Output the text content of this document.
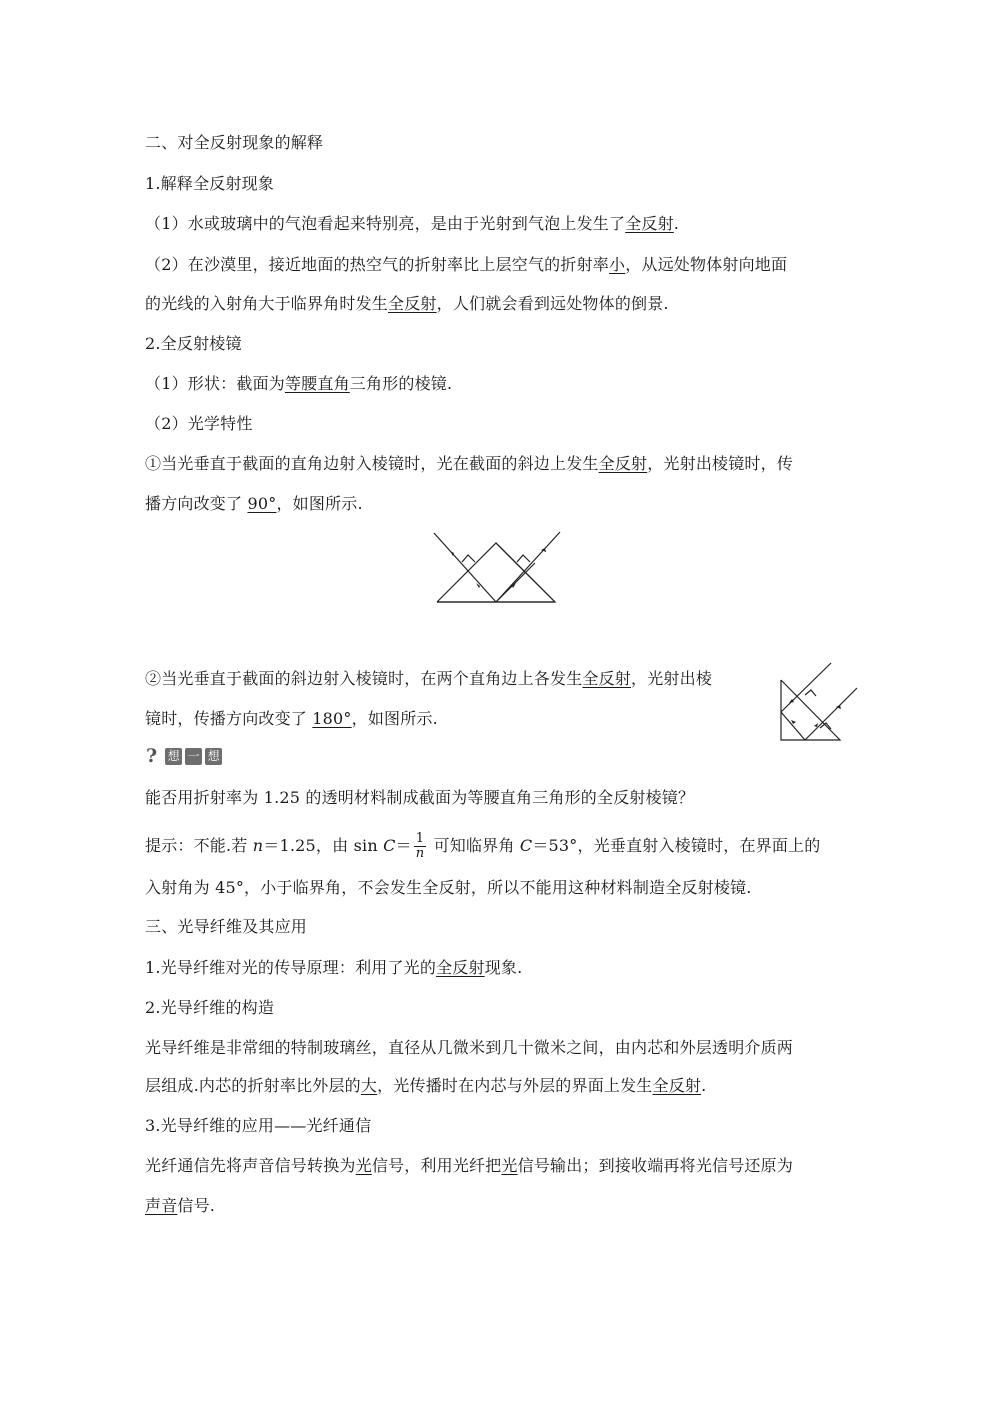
二、对全反射现象的解释
1.解释全反射现象
（1）水或玻璃中的气泡看起来特别亮，是由于光射到气泡上发生了全反射.
（2）在沙漠里，接近地面的热空气的折射率比上层空气的折射率小，从远处物体射向地面
的光线的入射角大于临界角时发生全反射，人们就会看到远处物体的倒景.
2.全反射棱镜
（1）形状：截面为等腰直角三角形的棱镜.
（2）光学特性
①当光垂直于截面的直角边射入棱镜时，光在截面的斜边上发生全反射，光射出棱镜时，传
播方向改变了 90°，如图所示.
②当光垂直于截面的斜边射入棱镜时，在两个直角边上各发生全反射，光射出棱
镜时，传播方向改变了 180°，如图所示.
? 想 一 想
能否用折射率为 1.25 的透明材料制成截面为等腰直角三角形的全反射棱镜？
提示：不能.若 n＝1.25，由 $\sin C= \frac{1}{n}$ 可知临界角 C＝53°，光垂直射入棱镜时，在界面上的
入射角为 45°，小于临界角，不会发生全反射，所以不能用这种材料制造全反射棱镜.
三、光导纤维及其应用
1.光导纤维对光的传导原理：利用了光的全反射现象.
2.光导纤维的构造
光导纤维是非常细的特制玻璃丝，直径从几微米到几十微米之间，由内芯和外层透明介质两
层组成.内芯的折射率比外层的大，光传播时在内芯与外层的界面上发生全反射.
3.光导纤维的应用——光纤通信
光纤通信先将声音信号转换为光信号，利用光纤把光信号输出；到接收端再将光信号还原为
声音信号.
